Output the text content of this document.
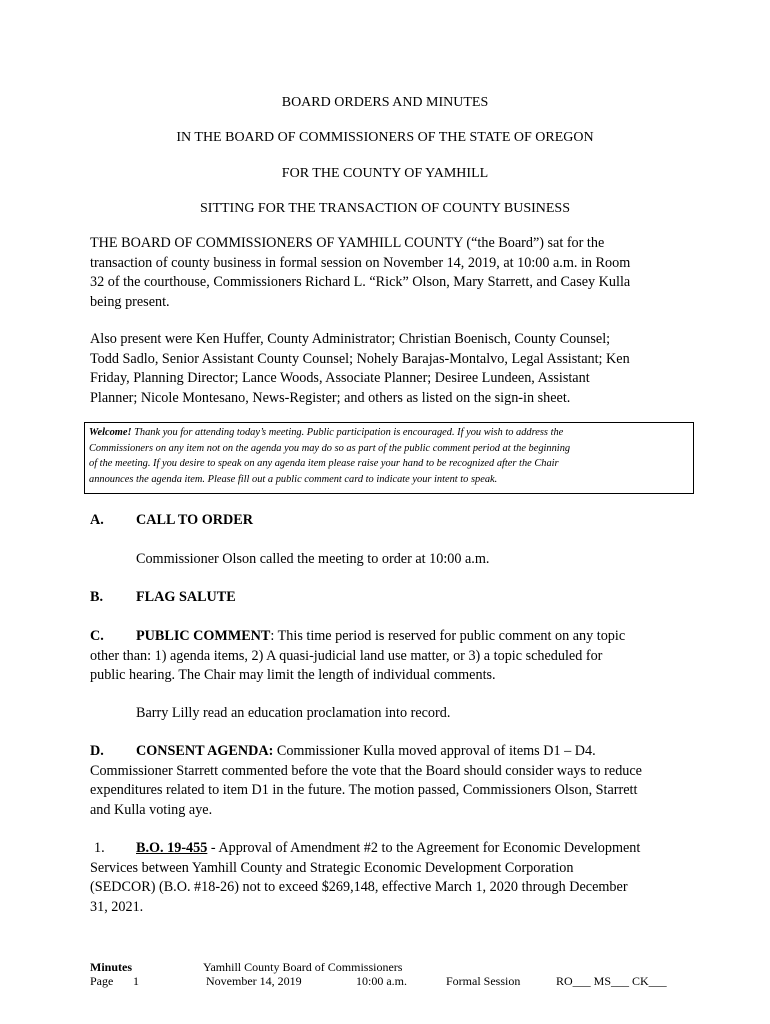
BOARD ORDERS AND MINUTES
IN THE BOARD OF COMMISSIONERS OF THE STATE OF OREGON
FOR THE COUNTY OF YAMHILL
SITTING FOR THE TRANSACTION OF COUNTY BUSINESS
THE BOARD OF COMMISSIONERS OF YAMHILL COUNTY (“the Board”) sat for the
transaction of county business in formal session on November 14, 2019, at 10:00 a.m. in Room
32 of the courthouse, Commissioners Richard L. “Rick” Olson, Mary Starrett, and Casey Kulla
being present.
Also present were Ken Huffer, County Administrator; Christian Boenisch, County Counsel;
Todd Sadlo, Senior Assistant County Counsel; Nohely Barajas-Montalvo, Legal Assistant; Ken
Friday, Planning Director; Lance Woods, Associate Planner; Desiree Lundeen, Assistant
Planner; Nicole Montesano, News-Register; and others as listed on the sign-in sheet.
Welcome! Thank you for attending today’s meeting. Public participation is encouraged. If you wish to address the
Commissioners on any item not on the agenda you may do so as part of the public comment period at the beginning
of the meeting. If you desire to speak on any agenda item please raise your hand to be recognized after the Chair
announces the agenda item. Please fill out a public comment card to indicate your intent to speak.
A. CALL TO ORDER
Commissioner Olson called the meeting to order at 10:00 a.m.
B. FLAG SALUTE
C. PUBLIC COMMENT: This time period is reserved for public comment on any topic
other than: 1) agenda items, 2) A quasi-judicial land use matter, or 3) a topic scheduled for
public hearing. The Chair may limit the length of individual comments.
Barry Lilly read an education proclamation into record.
D. CONSENT AGENDA: Commissioner Kulla moved approval of items D1 – D4.
Commissioner Starrett commented before the vote that the Board should consider ways to reduce
expenditures related to item D1 in the future. The motion passed, Commissioners Olson, Starrett
and Kulla voting aye.
1. B.O. 19-455 - Approval of Amendment #2 to the Agreement for Economic Development
Services between Yamhill County and Strategic Economic Development Corporation
(SEDCOR) (B.O. #18-26) not to exceed $269,148, effective March 1, 2020 through December
31, 2021.
Minutes
Page 1
Yamhill County Board of Commissioners
November 14, 2019	10:00 a.m.	Formal Session	RO___ MS___ CK___
